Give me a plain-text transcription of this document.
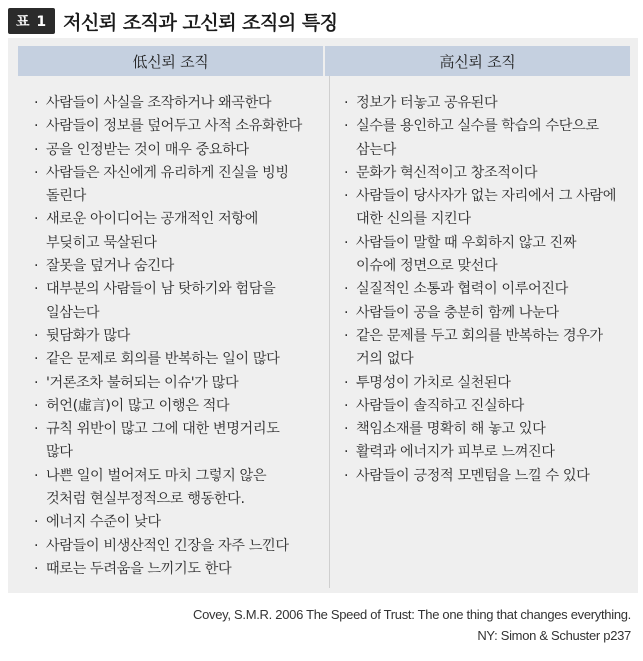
표 1 저신뢰 조직과 고신뢰 조직의 특징
低신뢰 조직	高신뢰 조직
· 사람들이 사실을 조작하거나 왜곡한다
· 사람들이 정보를 덮어두고 사적 소유화한다
· 공을 인정받는 것이 매우 중요하다
· 사람들은 자신에게 유리하게 진실을 빙빙
돌린다
· 새로운 아이디어는 공개적인 저항에
부딪히고 묵살된다
· 잘못을 덮거나 숨긴다
· 대부분의 사람들이 남 탓하기와 험담을
일삼는다
· 뒷담화가 많다
· 같은 문제로 회의를 반복하는 일이 많다
· '거론조차 불허되는 이슈'가 많다
· 허언(虛言)이 많고 이행은 적다
· 규칙 위반이 많고 그에 대한 변명거리도
많다
· 나쁜 일이 벌어져도 마치 그렇지 않은
것처럼 현실부정적으로 행동한다.
· 에너지 수준이 낮다
· 사람들이 비생산적인 긴장을 자주 느낀다
· 때로는 두려움을 느끼기도 한다
· 정보가 터놓고 공유된다
· 실수를 용인하고 실수를 학습의 수단으로
삼는다
· 문화가 혁신적이고 창조적이다
· 사람들이 당사자가 없는 자리에서 그 사람에
대한 신의를 지킨다
· 사람들이 말할 때 우회하지 않고 진짜
이슈에 정면으로 맞선다
· 실질적인 소통과 협력이 이루어진다
· 사람들이 공을 충분히 함께 나눈다
· 같은 문제를 두고 회의를 반복하는 경우가
거의 없다
· 투명성이 가치로 실천된다
· 사람들이 솔직하고 진실하다
· 책임소재를 명확히 해 놓고 있다
· 활력과 에너지가 피부로 느껴진다
· 사람들이 긍정적 모멘텀을 느낄 수 있다
Covey, S.M.R. 2006 The Speed of Trust: The one thing that changes everything.
NY: Simon & Schuster p237
